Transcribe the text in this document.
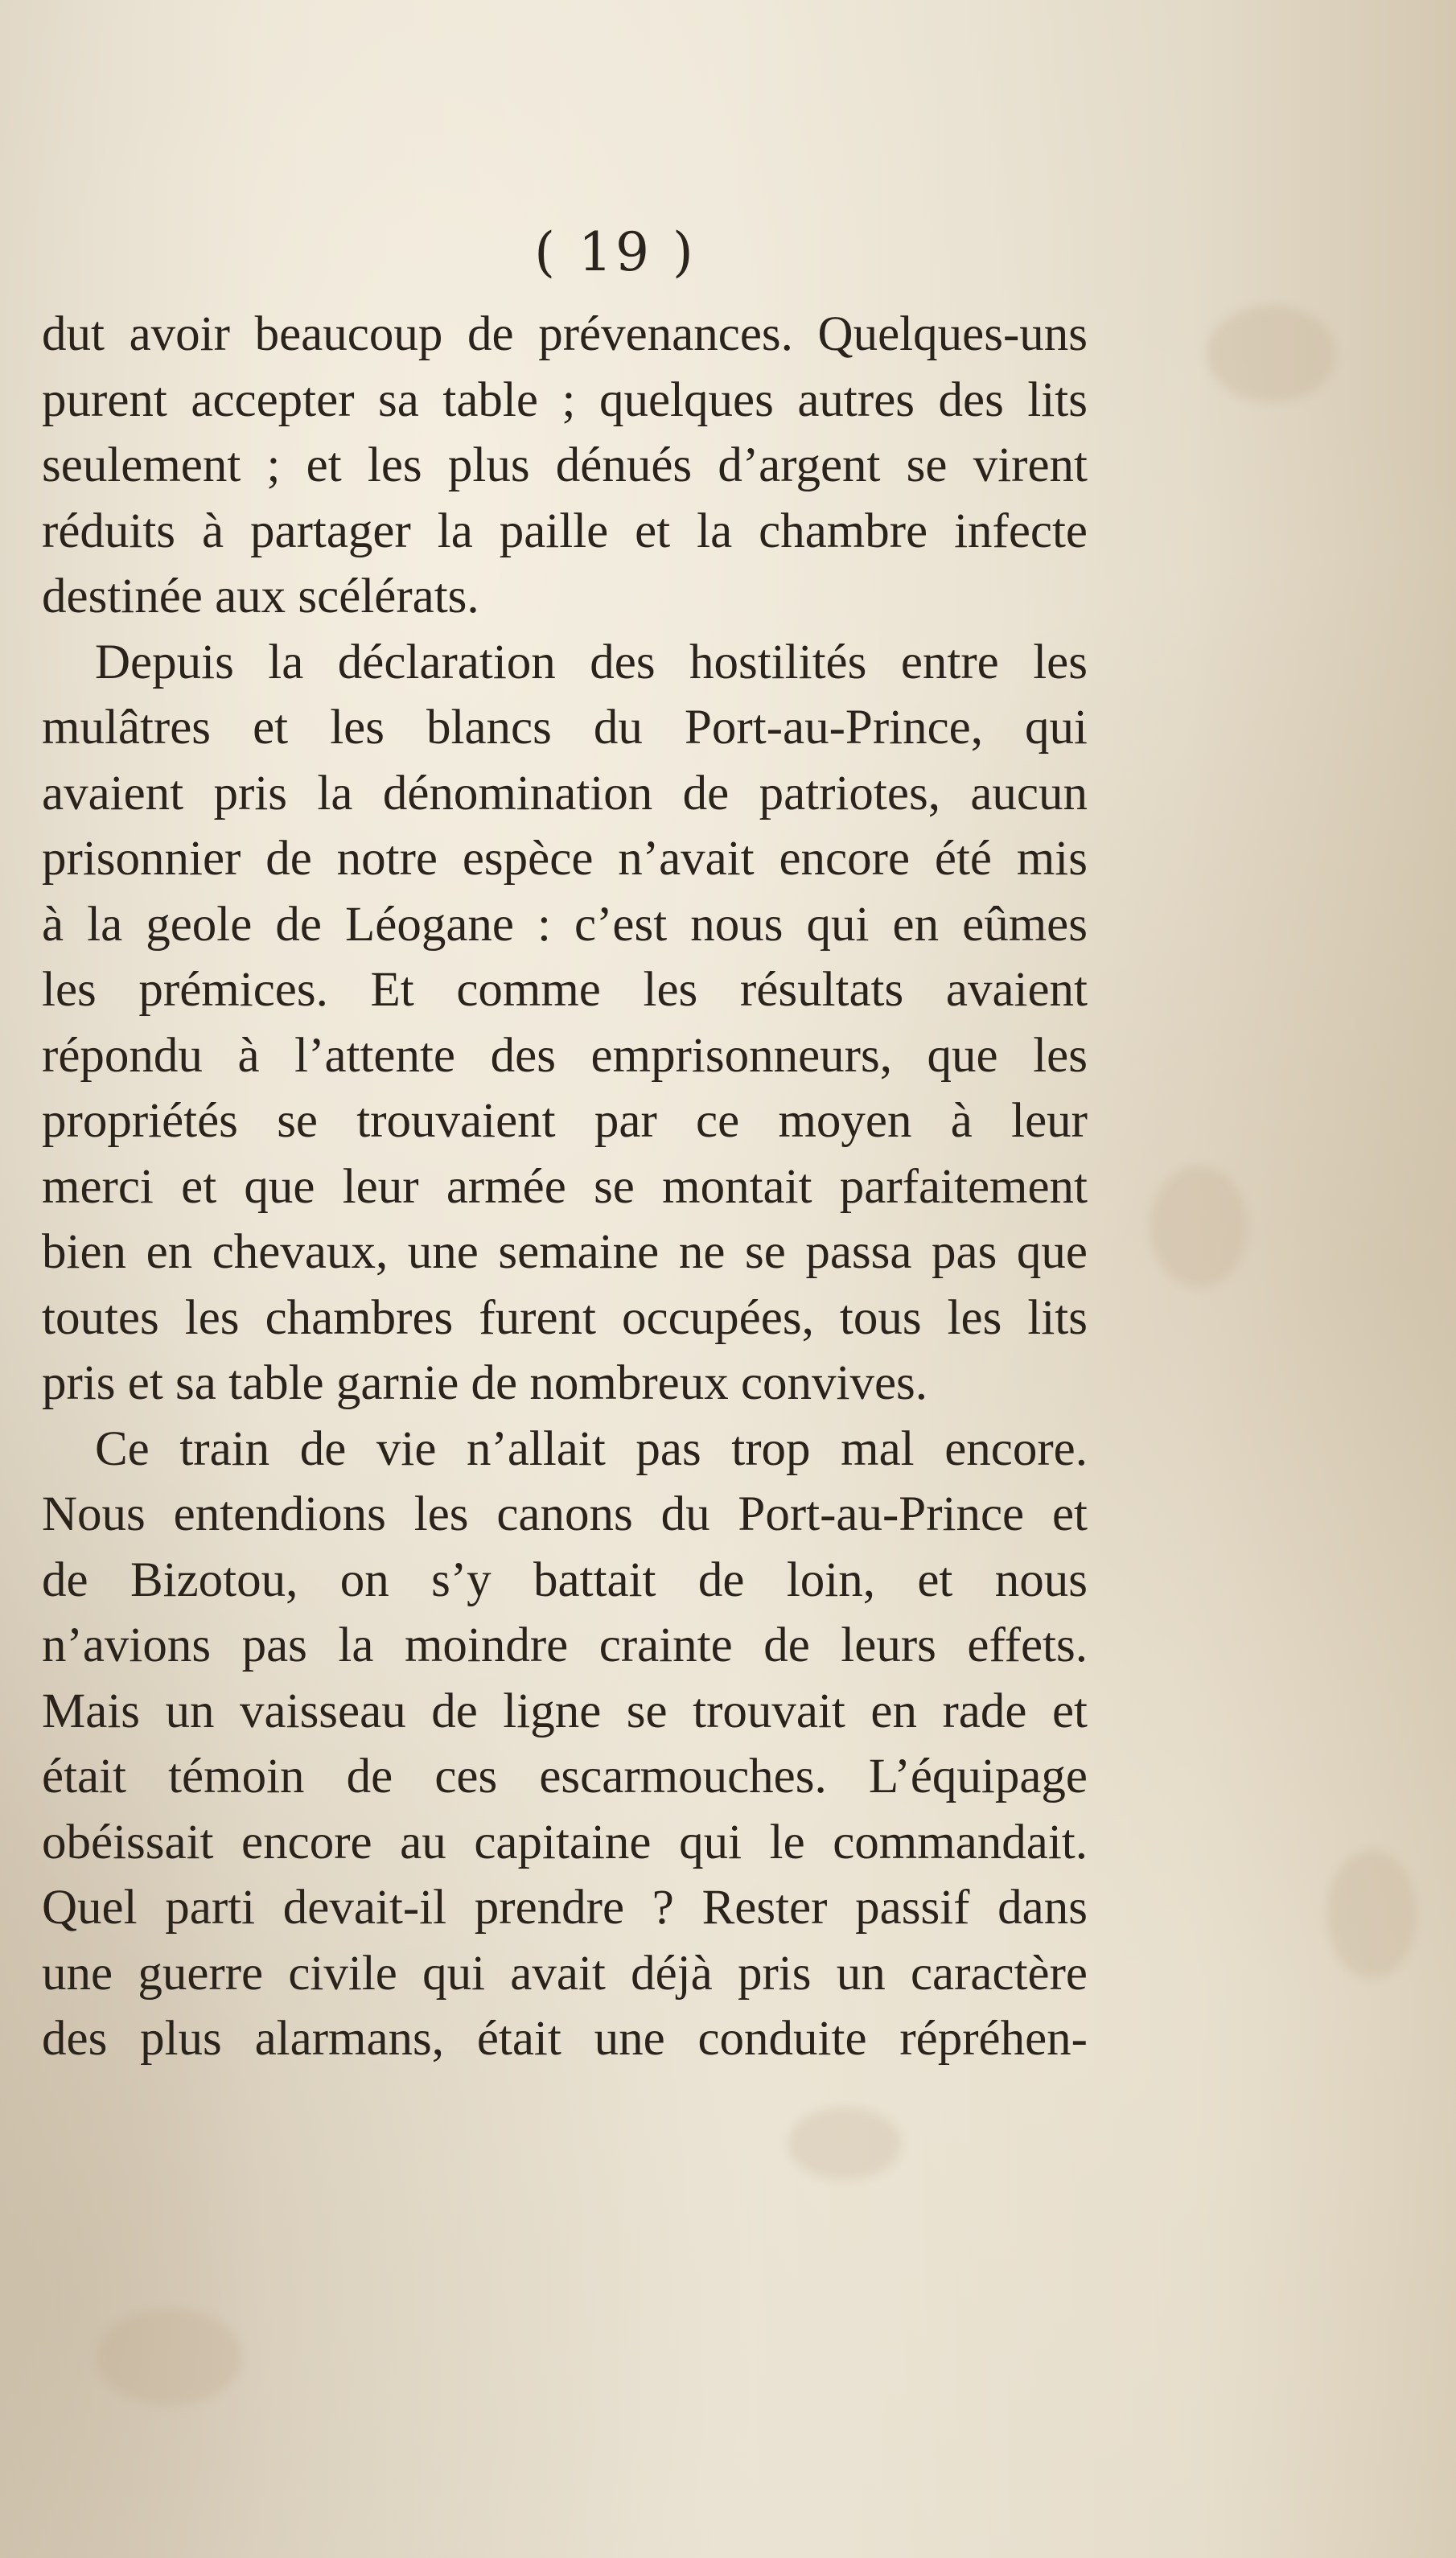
( 19 )
dut avoir beaucoup de prévenances. Quelques-uns
purent accepter sa table ; quelques autres des lits
seulement ; et les plus dénués d’argent se virent
réduits à partager la paille et la chambre infecte
destinée aux scélérats.
Depuis la déclaration des hostilités entre les
mulâtres et les blancs du Port-au-Prince, qui
avaient pris la dénomination de patriotes, aucun
prisonnier de notre espèce n’avait encore été mis
à la geole de Léogane : c’est nous qui en eûmes
les prémices. Et comme les résultats avaient
répondu à l’attente des emprisonneurs, que les
propriétés se trouvaient par ce moyen à leur
merci et que leur armée se montait parfaitement
bien en chevaux, une semaine ne se passa pas que
toutes les chambres furent occupées, tous les lits
pris et sa table garnie de nombreux convives.
Ce train de vie n’allait pas trop mal encore.
Nous entendions les canons du Port-au-Prince et
de Bizotou, on s’y battait de loin, et nous
n’avions pas la moindre crainte de leurs effets.
Mais un vaisseau de ligne se trouvait en rade et
était témoin de ces escarmouches. L’équipage
obéissait encore au capitaine qui le commandait.
Quel parti devait-il prendre ? Rester passif dans
une guerre civile qui avait déjà pris un caractère
des plus alarmans, était une conduite répréhen-
